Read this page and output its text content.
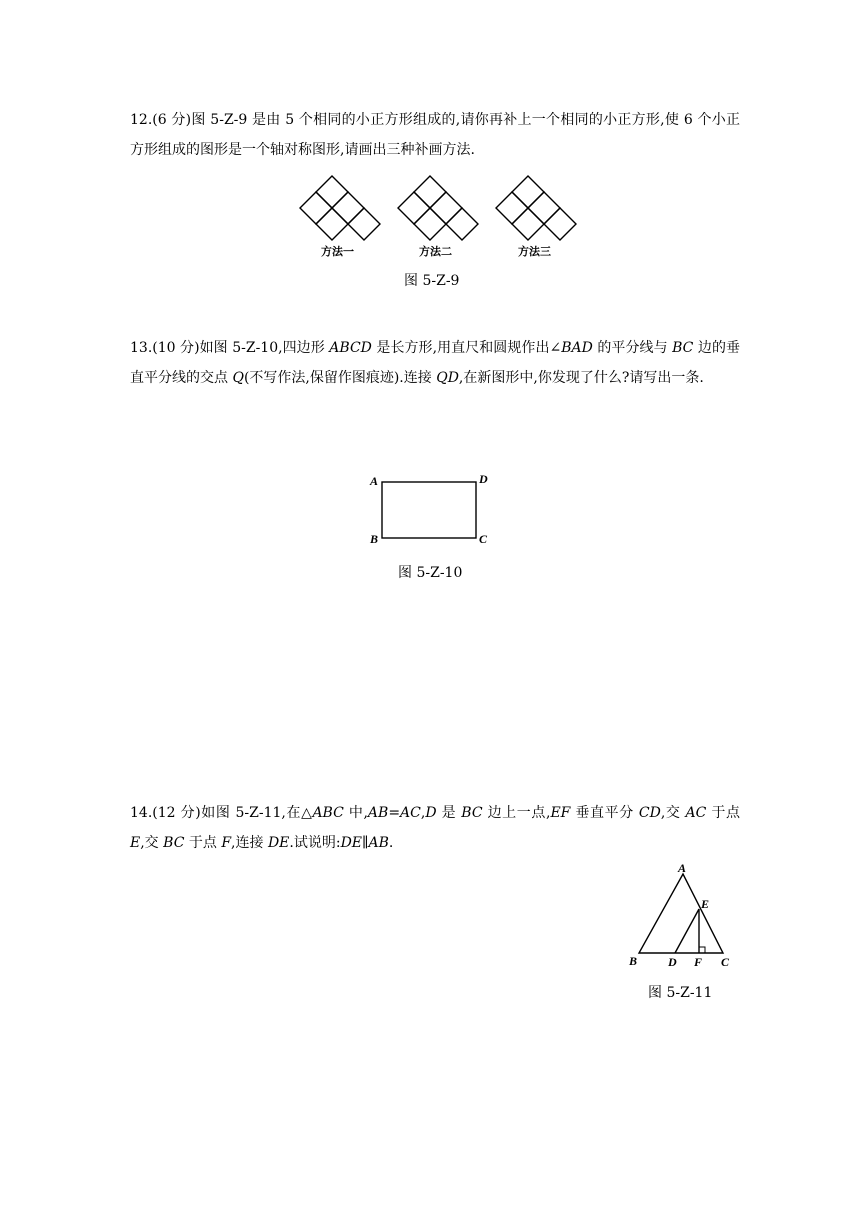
12.(6 分)图 5-Z-9 是由 5 个相同的小正方形组成的,请你再补上一个相同的小正方形,使 6 个小正方形组成的图形是一个轴对称图形,请画出三种补画方法.
方法一	方法二	方法三
图 5-Z-9
13.(10 分)如图 5-Z-10,四边形 ABCD 是长方形,用直尺和圆规作出∠BAD 的平分线与 BC 边的垂直平分线的交点 Q(不写作法,保留作图痕迹).连接 QD,在新图形中,你发现了什么?请写出一条.
A	D
B	C
图 5-Z-10
14.(12 分)如图 5-Z-11,在△ABC 中,AB=AC,D 是 BC 边上一点,EF 垂直平分 CD,交 AC 于点 E,交 BC 于点 F,连接 DE.试说明:DE∥AB.
A
E
B	D F C
图 5-Z-11
